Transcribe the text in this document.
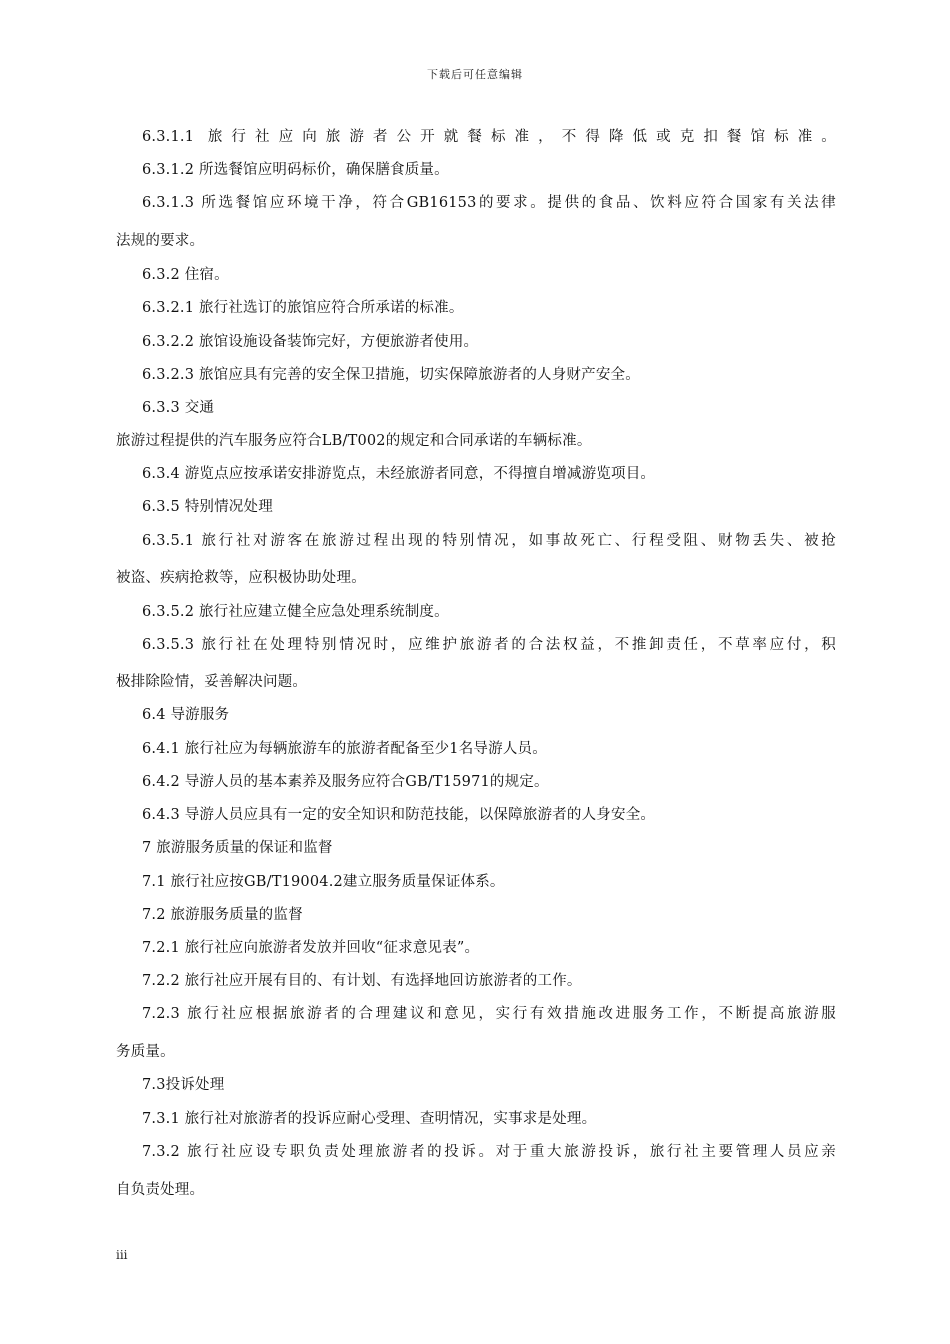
下载后可任意编辑
6.3.1.1 旅行社应向旅游者公开就餐标准，不得降低或克扣餐馆标准。
6.3.1.2 所选餐馆应明码标价，确保膳食质量。
6.3.1.3 所选餐馆应环境干净，符合GB16153的要求。提供的食品、饮料应符合国家有关法律
法规的要求。
6.3.2 住宿。
6.3.2.1 旅行社选订的旅馆应符合所承诺的标准。
6.3.2.2 旅馆设施设备装饰完好，方便旅游者使用。
6.3.2.3 旅馆应具有完善的安全保卫措施，切实保障旅游者的人身财产安全。
6.3.3 交通
旅游过程提供的汽车服务应符合LB/T002的规定和合同承诺的车辆标准。
6.3.4 游览点应按承诺安排游览点，未经旅游者同意，不得擅自增减游览项目。
6.3.5 特别情况处理
6.3.5.1 旅行社对游客在旅游过程出现的特别情况，如事故死亡、行程受阻、财物丢失、被抢
被盗、疾病抢救等，应积极协助处理。
6.3.5.2 旅行社应建立健全应急处理系统制度。
6.3.5.3 旅行社在处理特别情况时，应维护旅游者的合法权益，不推卸责任，不草率应付，积
极排除险情，妥善解决问题。
6.4 导游服务
6.4.1 旅行社应为每辆旅游车的旅游者配备至少1名导游人员。
6.4.2 导游人员的基本素养及服务应符合GB/T15971的规定。
6.4.3 导游人员应具有一定的安全知识和防范技能，以保障旅游者的人身安全。
7 旅游服务质量的保证和监督
7.1 旅行社应按GB/T19004.2建立服务质量保证体系。
7.2 旅游服务质量的监督
7.2.1 旅行社应向旅游者发放并回收“征求意见表”。
7.2.2 旅行社应开展有目的、有计划、有选择地回访旅游者的工作。
7.2.3 旅行社应根据旅游者的合理建议和意见，实行有效措施改进服务工作，不断提高旅游服
务质量。
7.3投诉处理
7.3.1 旅行社对旅游者的投诉应耐心受理、查明情况，实事求是处理。
7.3.2 旅行社应设专职负责处理旅游者的投诉。对于重大旅游投诉，旅行社主要管理人员应亲
自负责处理。
iii
